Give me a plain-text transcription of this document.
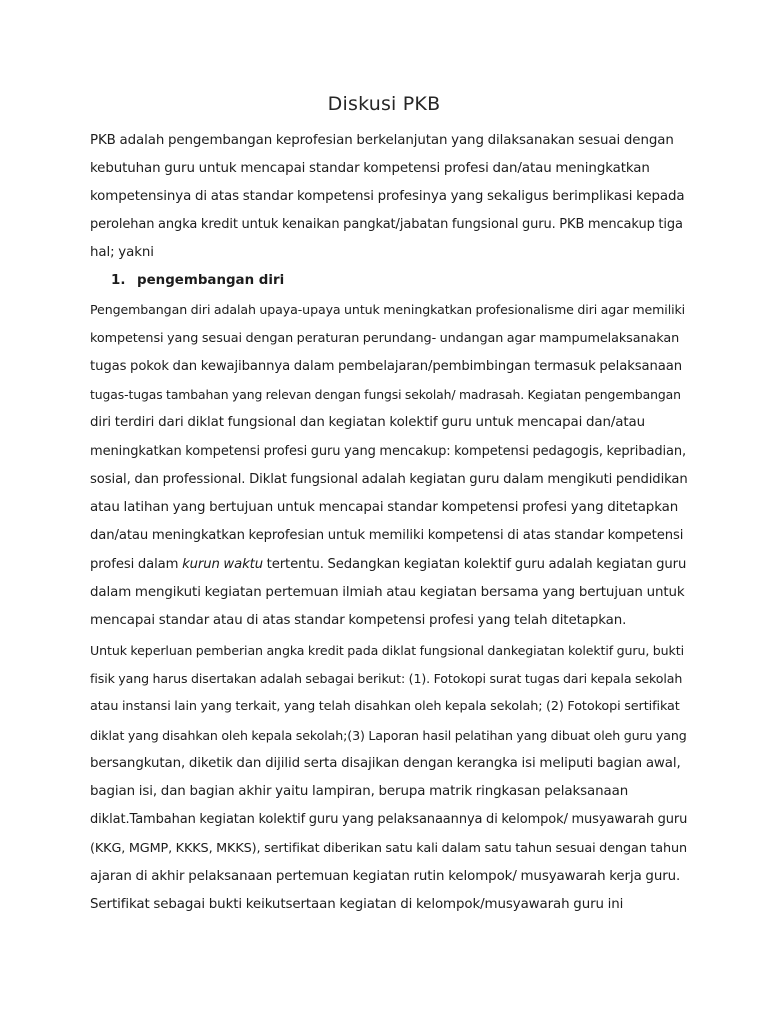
Diskusi PKB
PKB adalah pengembangan keprofesian berkelanjutan yang dilaksanakan sesuai dengan
kebutuhan guru untuk mencapai standar kompetensi profesi dan/atau meningkatkan
kompetensinya di atas standar kompetensi profesinya yang sekaligus berimplikasi kepada
perolehan angka kredit untuk kenaikan pangkat/jabatan fungsional guru. PKB mencakup tiga
hal; yakni
1. pengembangan diri
Pengembangan diri adalah upaya-upaya untuk meningkatkan profesionalisme diri agar memiliki
kompetensi yang sesuai dengan peraturan perundang- undangan agar mampumelaksanakan
tugas pokok dan kewajibannya dalam pembelajaran/pembimbingan termasuk pelaksanaan
tugas-tugas tambahan yang relevan dengan fungsi sekolah/ madrasah. Kegiatan pengembangan
diri terdiri dari diklat fungsional dan kegiatan kolektif guru untuk mencapai dan/atau
meningkatkan kompetensi profesi guru yang mencakup: kompetensi pedagogis, kepribadian,
sosial, dan professional. Diklat fungsional adalah kegiatan guru dalam mengikuti pendidikan
atau latihan yang bertujuan untuk mencapai standar kompetensi profesi yang ditetapkan
dan/atau meningkatkan keprofesian untuk memiliki kompetensi di atas standar kompetensi
profesi dalam kurun waktu tertentu. Sedangkan kegiatan kolektif guru adalah kegiatan guru
dalam mengikuti kegiatan pertemuan ilmiah atau kegiatan bersama yang bertujuan untuk
mencapai standar atau di atas standar kompetensi profesi yang telah ditetapkan.
Untuk keperluan pemberian angka kredit pada diklat fungsional dankegiatan kolektif guru, bukti
fisik yang harus disertakan adalah sebagai berikut: (1). Fotokopi surat tugas dari kepala sekolah
atau instansi lain yang terkait, yang telah disahkan oleh kepala sekolah; (2) Fotokopi sertifikat
diklat yang disahkan oleh kepala sekolah;(3) Laporan hasil pelatihan yang dibuat oleh guru yang
bersangkutan, diketik dan dijilid serta disajikan dengan kerangka isi meliputi bagian awal,
bagian isi, dan bagian akhir yaitu lampiran, berupa matrik ringkasan pelaksanaan
diklat.Tambahan kegiatan kolektif guru yang pelaksanaannya di kelompok/ musyawarah guru
(KKG, MGMP, KKKS, MKKS), sertifikat diberikan satu kali dalam satu tahun sesuai dengan tahun
ajaran di akhir pelaksanaan pertemuan kegiatan rutin kelompok/ musyawarah kerja guru.
Sertifikat sebagai bukti keikutsertaan kegiatan di kelompok/musyawarah guru ini
